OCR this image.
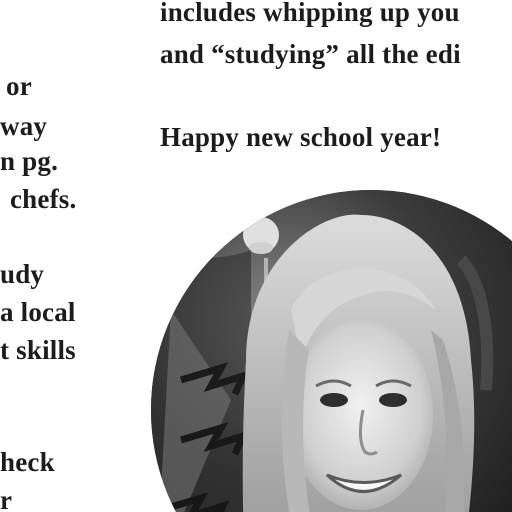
or
way
n pg.
chefs.
udy
a local
t skills
heck
r
includes whipping up you
and “studying” all the edi
Happy new school year!
